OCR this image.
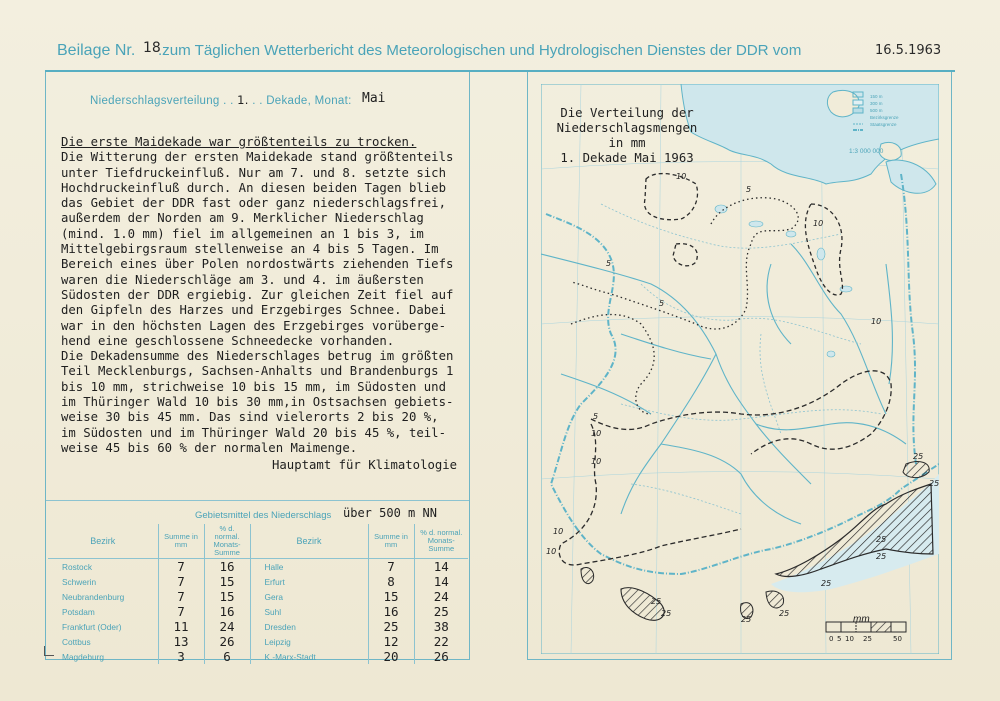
Beilage Nr. 18
.zum Täglichen Wetterbericht des Meteorologischen und Hydrologischen Dienstes der DDR vom	16.5.1963
Niederschlagsverteilung . . 1. . . Dekade, Monat: Mai

Die erste Maidekade war größtenteils zu trocken.

Die Witterung der ersten Maidekade stand größtenteils

unter Tiefdruckeinfluß. Nur am 7. und 8. setzte sich

Hochdruckeinfluß durch. An diesen beiden Tagen blieb

das Gebiet der DDR fast oder ganz niederschlagsfrei,

außerdem der Norden am 9. Merklicher Niederschlag

(mind. 1.0 mm) fiel im allgemeinen an 1 bis 3, im

Mittelgebirgsraum stellenweise an 4 bis 5 Tagen. Im

Bereich eines über Polen nordostwärts ziehenden Tiefs

waren die Niederschläge am 3. und 4. im äußersten

Südosten der DDR ergiebig. Zur gleichen Zeit fiel auf

den Gipfeln des Harzes und Erzgebirges Schnee. Dabei

war in den höchsten Lagen des Erzgebirges vorüberge-

hend eine geschlossene Schneedecke vorhanden.

Die Dekadensumme des Niederschlages betrug im größten

Teil Mecklenburgs, Sachsen-Anhalts und Brandenburgs 1

bis 10 mm, strichweise 10 bis 15 mm, im Südosten und

im Thüringer Wald 10 bis 30 mm,in Ostsachsen gebiets-

weise 30 bis 45 mm. Das sind vielerorts 2 bis 20 %,

im Südosten und im Thüringer Wald 20 bis 45 %, teil-

weise 45 bis 60 % der normalen Maimenge.

Hauptamt für Klimatologie
Gebietsmittel des Niederschlags über 500 m NN
Bezirk	Summe in mm	% d. normal. Monats-Summe	Bezirk	Summe in mm	% d. normal. Monats-Summe
Rostock	7	16	Halle	7	14
Schwerin	7	15	Erfurt	8	14
Neubrandenburg	7	15	Gera	15	24
Potsdam	7	16	Suhl	16	25
Frankfurt (Oder)	11	24	Dresden	25	38
Cottbus	13	26	Leipzig	12	22
Magdeburg	3	6	K.-Marx-Stadt	20	26
10
5
10
5
5
10
5
10
10
10
10
25
25
25
25
25
25
25
25
25
0 5 10 25	50
Die Verteilung der
Niederschlagsmengen
in mm
1. Dekade Mai 1963
150 m
300 m
500 m
Bezirksgrenze
Staatsgrenze
1:3 000 000
mm
